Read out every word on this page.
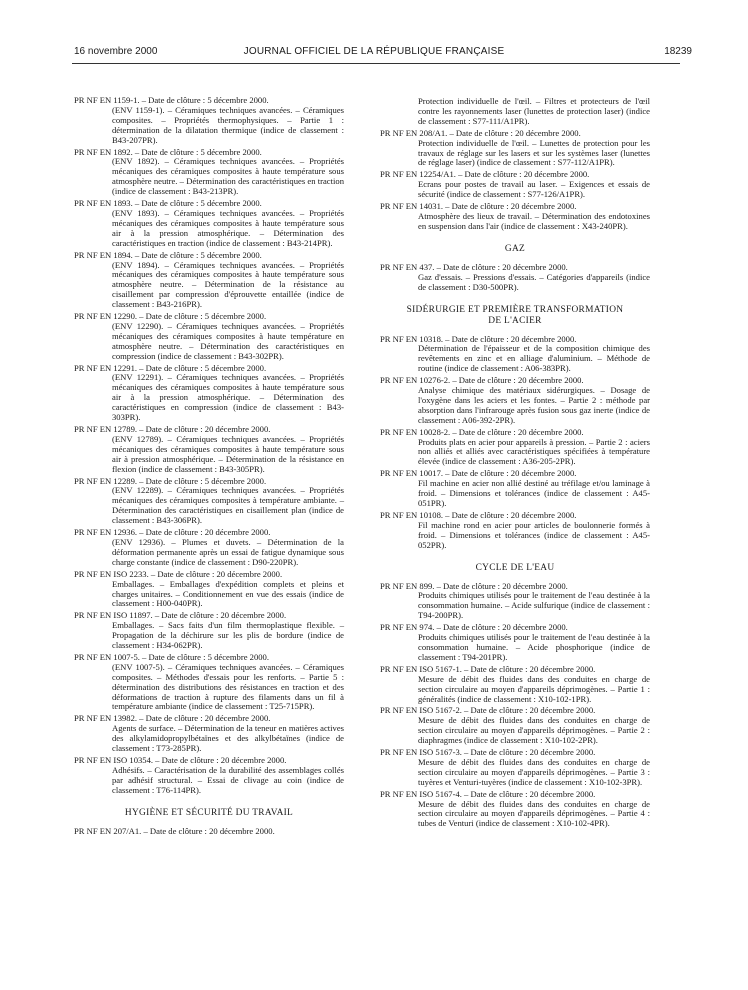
16 novembre 2000	JOURNAL OFFICIEL DE LA RÉPUBLIQUE FRANÇAISE	18239
PR NF EN 1159-1. – Date de clôture : 5 décembre 2000.
(ENV 1159-1). – Céramiques techniques avancées. – Céramiques composites. – Propriétés thermophysiques. – Partie 1 : détermination de la dilatation thermique (indice de classement : B43-207PR).
PR NF EN 1892. – Date de clôture : 5 décembre 2000.
(ENV 1892). – Céramiques techniques avancées. – Propriétés mécaniques des céramiques composites à haute température sous atmosphère neutre. – Détermination des caractéristiques en traction (indice de classement : B43-213PR).
PR NF EN 1893. – Date de clôture : 5 décembre 2000.
(ENV 1893). – Céramiques techniques avancées. – Propriétés mécaniques des céramiques composites à haute température sous air à la pression atmosphérique. – Détermination des caractéristiques en traction (indice de classement : B43-214PR).
PR NF EN 1894. – Date de clôture : 5 décembre 2000.
(ENV 1894). – Céramiques techniques avancées. – Propriétés mécaniques des céramiques composites à haute température sous atmosphère neutre. – Détermination de la résistance au cisaillement par compression d'éprouvette entaillée (indice de classement : B43-216PR).
PR NF EN 12290. – Date de clôture : 5 décembre 2000.
(ENV 12290). – Céramiques techniques avancées. – Propriétés mécaniques des céramiques composites à haute température en atmosphère neutre. – Détermination des caractéristiques en compression (indice de classement : B43-302PR).
PR NF EN 12291. – Date de clôture : 5 décembre 2000.
(ENV 12291). – Céramiques techniques avancées. – Propriétés mécaniques des céramiques composites à haute température sous air à la pression atmosphérique. – Détermination des caractéristiques en compression (indice de classement : B43-303PR).
PR NF EN 12789. – Date de clôture : 20 décembre 2000.
(ENV 12789). – Céramiques techniques avancées. – Propriétés mécaniques des céramiques composites à haute température sous air à pression atmosphérique. – Détermination de la résistance en flexion (indice de classement : B43-305PR).
PR NF EN 12289. – Date de clôture : 5 décembre 2000.
(ENV 12289). – Céramiques techniques avancées. – Propriétés mécaniques des céramiques composites à température ambiante. – Détermination des caractéristiques en cisaillement plan (indice de classement : B43-306PR).
PR NF EN 12936. – Date de clôture : 20 décembre 2000.
(ENV 12936). – Plumes et duvets. – Détermination de la déformation permanente après un essai de fatigue dynamique sous charge constante (indice de classement : D90-220PR).
PR NF EN ISO 2233. – Date de clôture : 20 décembre 2000.
Emballages. – Emballages d'expédition complets et pleins et charges unitaires. – Conditionnement en vue des essais (indice de classement : H00-040PR).
PR NF EN ISO 11897. – Date de clôture : 20 décembre 2000.
Emballages. – Sacs faits d'un film thermoplastique flexible. – Propagation de la déchirure sur les plis de bordure (indice de classement : H34-062PR).
PR NF EN 1007-5. – Date de clôture : 5 décembre 2000.
(ENV 1007-5). – Céramiques techniques avancées. – Céramiques composites. – Méthodes d'essais pour les renforts. – Partie 5 : détermination des distributions des résistances en traction et des déformations de traction à rupture des filaments dans un fil à température ambiante (indice de classement : T25-715PR).
PR NF EN 13982. – Date de clôture : 20 décembre 2000.
Agents de surface. – Détermination de la teneur en matières actives des alkylamidopropylbétaïnes et des alkylbétaïnes (indice de classement : T73-285PR).
PR NF EN ISO 10354. – Date de clôture : 20 décembre 2000.
Adhésifs. – Caractérisation de la durabilité des assemblages collés par adhésif structural. – Essai de clivage au coin (indice de classement : T76-114PR).
HYGIÈNE ET SÉCURITÉ DU TRAVAIL
PR NF EN 207/A1. – Date de clôture : 20 décembre 2000.
Protection individuelle de l'œil. – Filtres et protecteurs de l'œil contre les rayonnements laser (lunettes de protection laser) (indice de classement : S77-111/A1PR).
PR NF EN 208/A1. – Date de clôture : 20 décembre 2000.
Protection individuelle de l'œil. – Lunettes de protection pour les travaux de réglage sur les lasers et sur les systèmes laser (lunettes de réglage laser) (indice de classement : S77-112/A1PR).
PR NF EN 12254/A1. – Date de clôture : 20 décembre 2000.
Ecrans pour postes de travail au laser. – Exigences et essais de sécurité (indice de classement : S77-126/A1PR).
PR NF EN 14031. – Date de clôture : 20 décembre 2000.
Atmosphère des lieux de travail. – Détermination des endotoxines en suspension dans l'air (indice de classement : X43-240PR).
GAZ
PR NF EN 437. – Date de clôture : 20 décembre 2000.
Gaz d'essais. – Pressions d'essais. – Catégories d'appareils (indice de classement : D30-500PR).
SIDÉRURGIE ET PREMIÈRE TRANSFORMATION DE L'ACIER
PR NF EN 10318. – Date de clôture : 20 décembre 2000.
Détermination de l'épaisseur et de la composition chimique des revêtements en zinc et en alliage d'aluminium. – Méthode de routine (indice de classement : A06-383PR).
PR NF EN 10276-2. – Date de clôture : 20 décembre 2000.
Analyse chimique des matériaux sidérurgiques. – Dosage de l'oxygène dans les aciers et les fontes. – Partie 2 : méthode par absorption dans l'infrarouge après fusion sous gaz inerte (indice de classement : A06-392-2PR).
PR NF EN 10028-2. – Date de clôture : 20 décembre 2000.
Produits plats en acier pour appareils à pression. – Partie 2 : aciers non alliés et alliés avec caractéristiques spécifiées à température élevée (indice de classement : A36-205-2PR).
PR NF EN 10017. – Date de clôture : 20 décembre 2000.
Fil machine en acier non allié destiné au tréfilage et/ou laminage à froid. – Dimensions et tolérances (indice de classement : A45-051PR).
PR NF EN 10108. – Date de clôture : 20 décembre 2000.
Fil machine rond en acier pour articles de boulonnerie formés à froid. – Dimensions et tolérances (indice de classement : A45-052PR).
CYCLE DE L'EAU
PR NF EN 899. – Date de clôture : 20 décembre 2000.
Produits chimiques utilisés pour le traitement de l'eau destinée à la consommation humaine. – Acide sulfurique (indice de classement : T94-200PR).
PR NF EN 974. – Date de clôture : 20 décembre 2000.
Produits chimiques utilisés pour le traitement de l'eau destinée à la consommation humaine. – Acide phosphorique (indice de classement : T94-201PR).
PR NF EN ISO 5167-1. – Date de clôture : 20 décembre 2000.
Mesure de débit des fluides dans des conduites en charge de section circulaire au moyen d'appareils déprimogènes. – Partie 1 : généralités (indice de classement : X10-102-1PR).
PR NF EN ISO 5167-2. – Date de clôture : 20 décembre 2000.
Mesure de débit des fluides dans des conduites en charge de section circulaire au moyen d'appareils déprimogènes. – Partie 2 : diaphragmes (indice de classement : X10-102-2PR).
PR NF EN ISO 5167-3. – Date de clôture : 20 décembre 2000.
Mesure de débit des fluides dans des conduites en charge de section circulaire au moyen d'appareils déprimogènes. – Partie 3 : tuyères et Venturi-tuyères (indice de classement : X10-102-3PR).
PR NF EN ISO 5167-4. – Date de clôture : 20 décembre 2000.
Mesure de débit des fluides dans des conduites en charge de section circulaire au moyen d'appareils déprimogènes. – Partie 4 : tubes de Venturi (indice de classement : X10-102-4PR).
